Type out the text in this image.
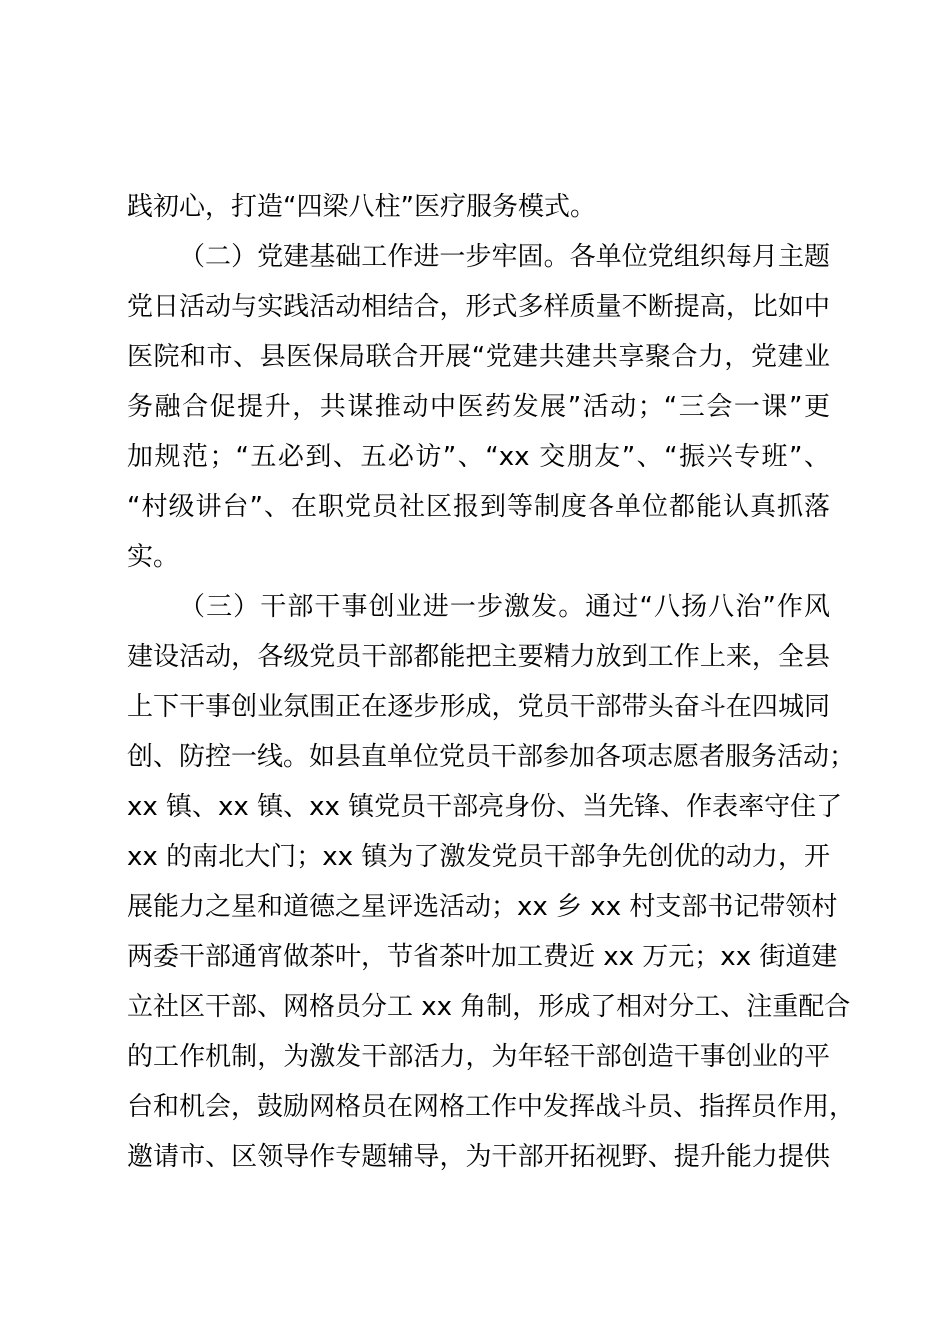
践初心，打造“四梁八柱”医疗服务模式。
（二）党建基础工作进一步牢固。各单位党组织每月主题
党日活动与实践活动相结合，形式多样质量不断提高，比如中
医院和市、县医保局联合开展“党建共建共享聚合力，党建业
务融合促提升，共谋推动中医药发展”活动；“三会一课”更
加规范；“五必到、五必访”、“xx 交朋友”、“振兴专班”、
“村级讲台”、在职党员社区报到等制度各单位都能认真抓落
实。
（三）干部干事创业进一步激发。通过“八扬八治”作风
建设活动，各级党员干部都能把主要精力放到工作上来，全县
上下干事创业氛围正在逐步形成，党员干部带头奋斗在四城同
创、防控一线。如县直单位党员干部参加各项志愿者服务活动；
xx 镇、xx 镇、xx 镇党员干部亮身份、当先锋、作表率守住了
xx 的南北大门；xx 镇为了激发党员干部争先创优的动力，开
展能力之星和道德之星评选活动；xx 乡 xx 村支部书记带领村
两委干部通宵做茶叶，节省茶叶加工费近 xx 万元；xx 街道建
立社区干部、网格员分工 xx 角制，形成了相对分工、注重配合
的工作机制，为激发干部活力，为年轻干部创造干事创业的平
台和机会，鼓励网格员在网格工作中发挥战斗员、指挥员作用，
邀请市、区领导作专题辅导，为干部开拓视野、提升能力提供
